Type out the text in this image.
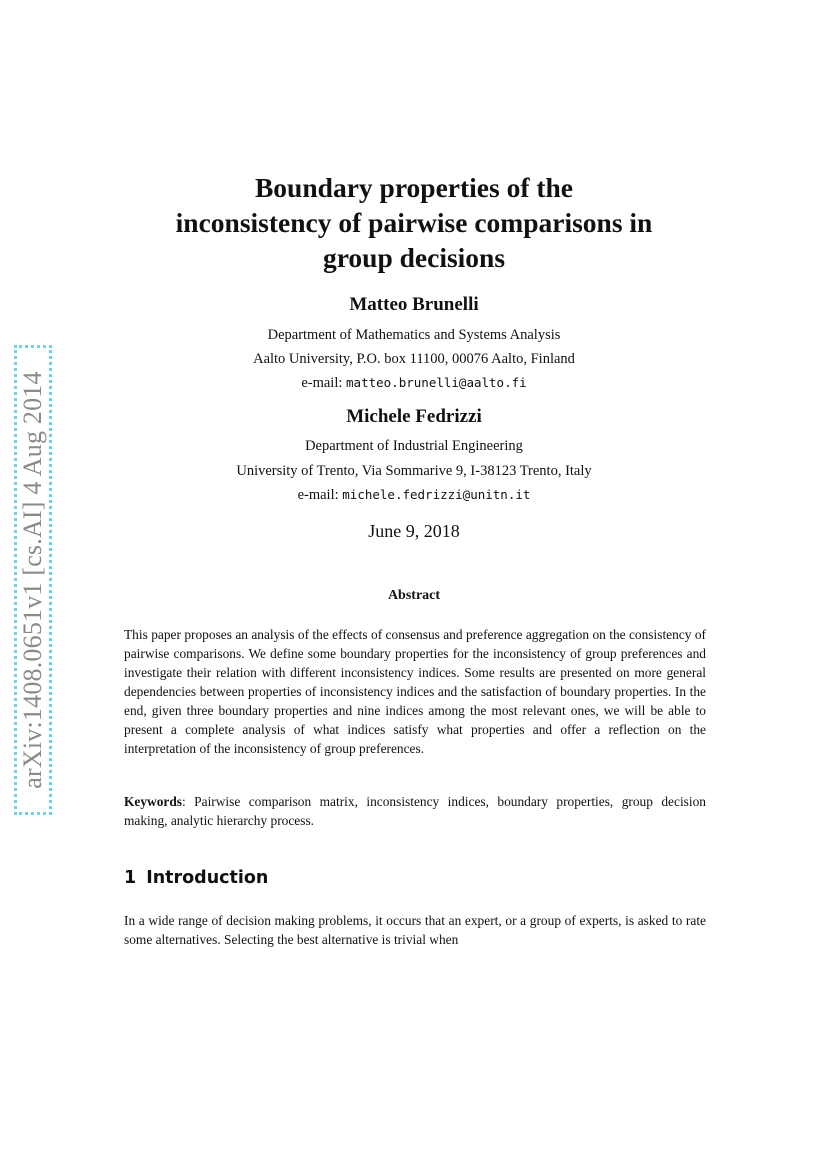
arXiv:1408.0651v1 [cs.AI] 4 Aug 2014
Boundary properties of the
inconsistency of pairwise comparisons in
group decisions
Matteo Brunelli
Department of Mathematics and Systems Analysis
Aalto University, P.O. box 11100, 00076 Aalto, Finland
e-mail: matteo.brunelli@aalto.fi
Michele Fedrizzi
Department of Industrial Engineering
University of Trento, Via Sommarive 9, I-38123 Trento, Italy
e-mail: michele.fedrizzi@unitn.it
June 9, 2018
Abstract
This paper proposes an analysis of the effects of consensus and preference aggregation on the consistency of pairwise comparisons. We define some boundary properties for the inconsistency of group preferences and investigate their relation with different inconsistency indices. Some results are presented on more general dependencies between properties of inconsistency indices and the satisfaction of boundary properties. In the end, given three boundary properties and nine indices among the most relevant ones, we will be able to present a complete analysis of what indices satisfy what properties and offer a reflection on the interpretation of the inconsistency of group preferences.
Keywords: Pairwise comparison matrix, inconsistency indices, boundary properties, group decision making, analytic hierarchy process.
1 Introduction
In a wide range of decision making problems, it occurs that an expert, or a group of experts, is asked to rate some alternatives. Selecting the best alternative is trivial when
